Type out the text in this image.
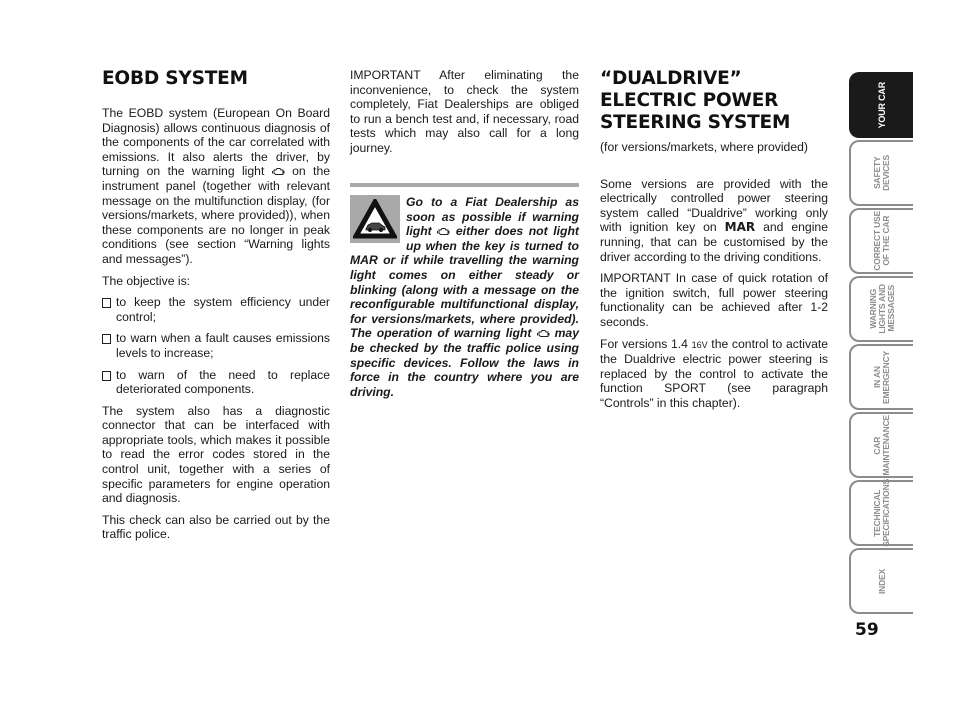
EOBD SYSTEM

The EOBD system (European On Board Diagnosis) allows continuous diagnosis of the components of the car correlated with emissions. It also alerts the driver, by turning on the warning light
on the instrument panel (together with relevant message on the multifunction display, (for versions/markets, where provided)), when these components are no longer in peak conditions (see section “Warning lights and messages”).

The objective is:

to keep the system efficiency under control;
to warn when a fault causes emissions levels to increase;
to warn of the need to replace deteriorated components.

The system also has a diagnostic connector that can be interfaced with appropriate tools, which makes it possible to read the error codes stored in the control unit, together with a series of specific parameters for engine operation and diagnosis.

This check can also be carried out by the traffic police.

IMPORTANT After eliminating the inconvenience, to check the system completely, Fiat Dealerships are obliged to run a bench test and, if necessary, road tests which may also call for a long journey.

Go to a Fiat Dealership as soon as possible if warning light
either does not light up when the key is turned to MAR or if while travelling the warning light comes on either steady or blinking (along with a message on the reconfigurable multifunctional display, for versions/markets, where provided). The operation of warning light
may be checked by the traffic police using specific devices. Follow the laws in force in the country where you are driving.
“DUALDRIVE” ELECTRIC POWER STEERING SYSTEM

(for versions/markets, where provided)

Some versions are provided with the electrically controlled power steering system called “Dualdrive” working only with ignition key on MAR and engine running, that can be customised by the driver according to the driving conditions.

IMPORTANT In case of quick rotation of the ignition switch, full power steering functionality can be achieved after 1-2 seconds.

For versions 1.4 16V the control to activate the Dualdrive electric power steering is replaced by the control to activate the function SPORT (see paragraph “Controls” in this chapter).

YOUR CAR
SAFETY
DEVICES
CORRECT USE
OF THE CAR
WARNING
LIGHTS AND
MESSAGES
IN AN
EMERGENCY
CAR
MAINTENANCE
TECHNICAL
SPECIFICATIONS
INDEX
59
